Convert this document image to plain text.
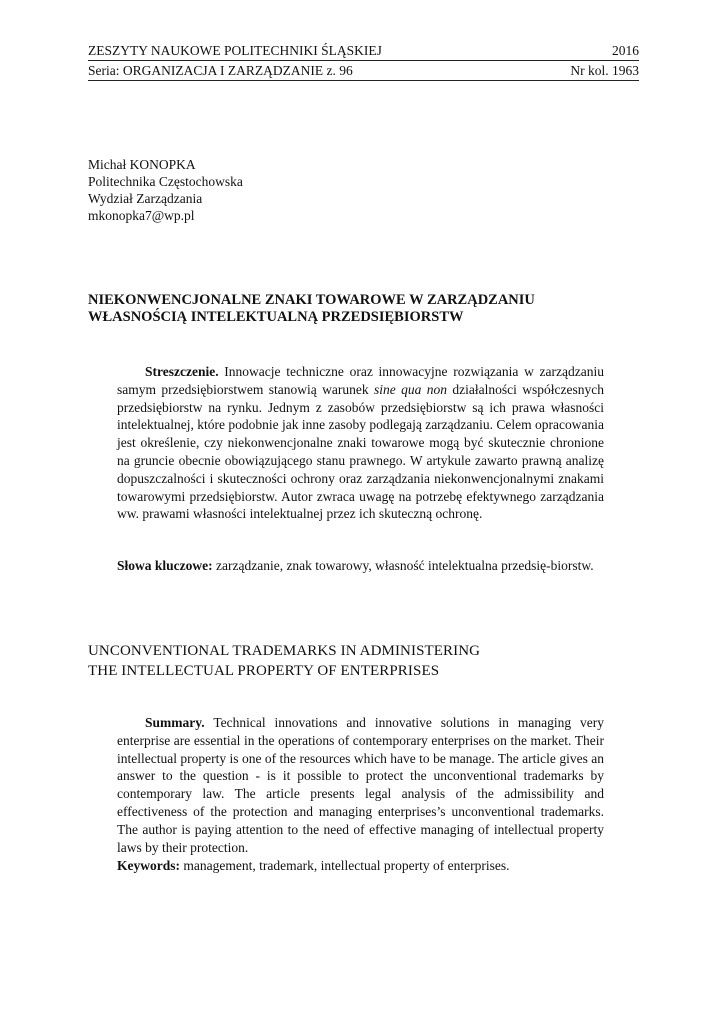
ZESZYTY NAUKOWE POLITECHNIKI ŚLĄSKIEJ	2016
Seria: ORGANIZACJA I ZARZĄDZANIE z. 96	Nr kol. 1963
Michał KONOPKA
Politechnika Częstochowska
Wydział Zarządzania
mkonopka7@wp.pl
NIEKONWENCJONALNE ZNAKI TOWAROWE W ZARZĄDZANIU
WŁASNOŚCIĄ INTELEKTUALNĄ PRZEDSIĘBIORSTW
Streszczenie. Innowacje techniczne oraz innowacyjne rozwiązania w zarządzaniu samym przedsiębiorstwem stanowią warunek sine qua non działalności współczesnych przedsiębiorstw na rynku. Jednym z zasobów przedsiębiorstw są ich prawa własności intelektualnej, które podobnie jak inne zasoby podlegają zarządzaniu. Celem opracowania jest określenie, czy niekonwencjonalne znaki towarowe mogą być skutecznie chronione na gruncie obecnie obowiązującego stanu prawnego. W artykule zawarto prawną analizę dopuszczalności i skuteczności ochrony oraz zarządzania niekonwencjonalnymi znakami towarowymi przedsiębiorstw. Autor zwraca uwagę na potrzebę efektywnego zarządzania ww. prawami własności intelektualnej przez ich skuteczną ochronę.
Słowa kluczowe: zarządzanie, znak towarowy, własność intelektualna przedsię-biorstw.
UNCONVENTIONAL TRADEMARKS IN ADMINISTERING
THE INTELLECTUAL PROPERTY OF ENTERPRISES
Summary. Technical innovations and innovative solutions in managing very enterprise are essential in the operations of contemporary enterprises on the market. Their intellectual property is one of the resources which have to be manage. The article gives an answer to the question - is it possible to protect the unconventional trademarks by contemporary law. The article presents legal analysis of the admissibility and effectiveness of the protection and managing enterprises’s unconventional trademarks. The author is paying attention to the need of effective managing of intellectual property laws by their protection.
Keywords: management, trademark, intellectual property of enterprises.
